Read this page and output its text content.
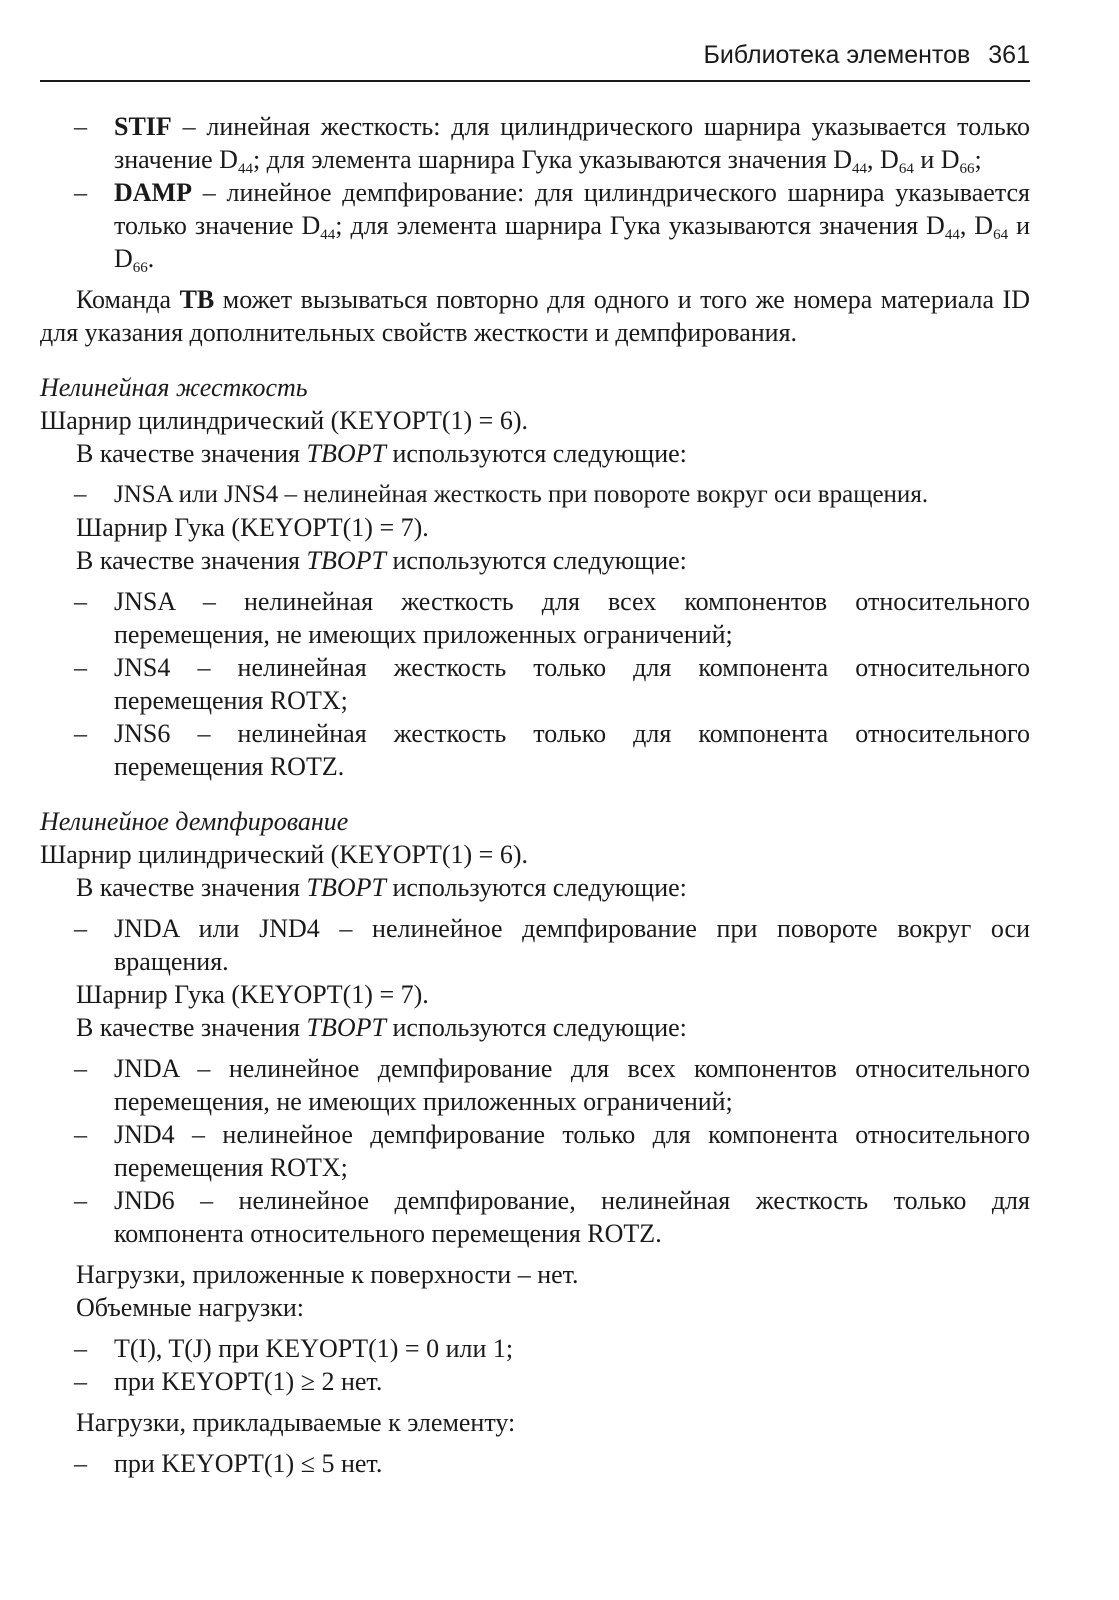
Библиотека элементов 361

– STIF – линейная жесткость: для цилиндрического шарнира указывается только значение $D_{44}$; для элемента шарнира Гука указываются значения $D_{44}$, $D_{64}$ и $D_{66}$;

– DAMP – линейное демпфирование: для цилиндрического шарнира указывается только значение $D_{44}$; для элемента шарнира Гука указываются значения $D_{44}$, $D_{64}$ и $D_{66}$.

Команда TB может вызываться повторно для одного и того же номера материала ID для указания дополнительных свойств жесткости и демпфирования.

Нелинейная жесткость

Шарнир цилиндрический (KEYOPT(1) = 6).

В качестве значения TBOPT используются следующие:

– JNSA или JNS4 – нелинейная жесткость при повороте вокруг оси вращения.

Шарнир Гука (KEYOPT(1) = 7).

В качестве значения TBOPT используются следующие:

– JNSA – нелинейная жесткость для всех компонентов относительного перемещения, не имеющих приложенных ограничений;

– JNS4 – нелинейная жесткость только для компонента относительного перемещения ROTX;

– JNS6 – нелинейная жесткость только для компонента относительного перемещения ROTZ.

Нелинейное демпфирование

Шарнир цилиндрический (KEYOPT(1) = 6).

В качестве значения TBOPT используются следующие:

– JNDA или JND4 – нелинейное демпфирование при повороте вокруг оси вращения.

Шарнир Гука (KEYOPT(1) = 7).

В качестве значения TBOPT используются следующие:

– JNDA – нелинейное демпфирование для всех компонентов относительного перемещения, не имеющих приложенных ограничений;

– JND4 – нелинейное демпфирование только для компонента относительного перемещения ROTX;

– JND6 – нелинейное демпфирование, нелинейная жесткость только для компонента относительного перемещения ROTZ.

Нагрузки, приложенные к поверхности – нет.

Объемные нагрузки:

– T(I), T(J) при KEYOPT(1) = 0 или 1;

– при KEYOPT(1) ≥ 2 нет.

Нагрузки, прикладываемые к элементу:

– при KEYOPT(1) ≤ 5 нет.
